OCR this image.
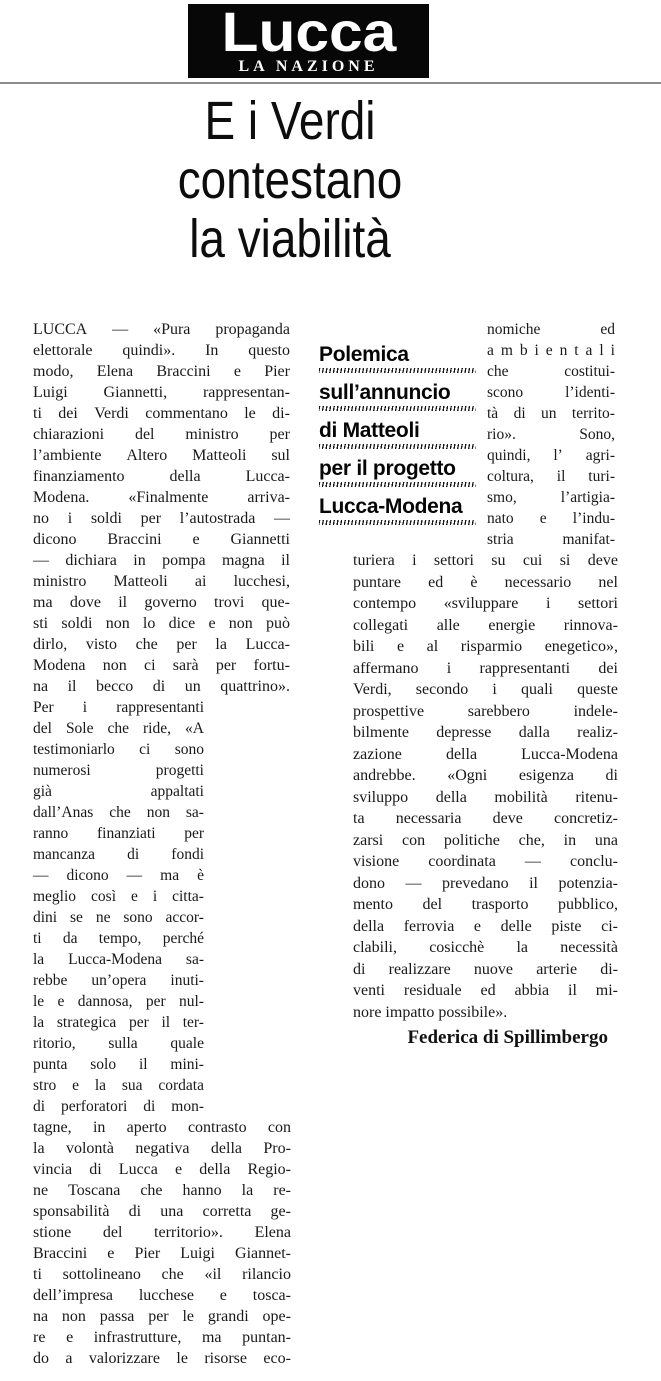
Lucca
LA NAZIONE
E i Verdi
contestano
la viabilità
LUCCA — «Pura propaganda
elettorale quindi». In questo
modo, Elena Braccini e Pier
Luigi Giannetti, rappresentan-
ti dei Verdi commentano le di-
chiarazioni del ministro per
l’ambiente Altero Matteoli sul
finanziamento	della	Lucca-
Modena. «Finalmente arriva-
no i soldi per l’autostrada —
dicono Braccini e Giannetti
— dichiara in pompa magna il
ministro Matteoli ai lucchesi,
ma dove il governo trovi que-
sti soldi non lo dice e non può
dirlo, visto che per la Lucca-
Modena non ci sarà per fortu-
na il becco di un quattrino».
Per i rappresentanti
del Sole che ride, «A
testimoniarlo ci sono
numerosi	progetti
già	appaltati
dall’Anas che non sa-
ranno finanziati per
mancanza di fondi
— dicono — ma è
meglio così e i citta-
dini se ne sono accor-
ti da tempo, perché
la Lucca-Modena sa-
rebbe un’opera inuti-
le e dannosa, per nul-
la strategica per il ter-
ritorio, sulla quale
punta solo il mini-
stro e la sua cordata
di perforatori di mon-
tagne, in aperto contrasto con
la volontà negativa della Pro-
vincia di Lucca e della Regio-
ne Toscana che hanno la re-
sponsabilità di una corretta ge-
stione del territorio». Elena
Braccini e Pier Luigi Giannet-
ti sottolineano che «il rilancio
dell’impresa lucchese e tosca-
na non passa per le grandi ope-
re e infrastrutture, ma puntan-
do a valorizzare le risorse eco-
nomiche	ed
a m b i e n t a l i
che	costitui-
scono	l’identi-
tà di un territo-
rio».	Sono,
quindi, l’ agri-
coltura, il turi-
smo,	l’artigia-
nato e l’indu-
stria	manifat-
turiera i settori su cui si deve
puntare ed è necessario nel
contempo «sviluppare i settori
collegati alle energie rinnova-
bili e al risparmio enegetico»,
affermano i rappresentanti dei
Verdi, secondo i quali queste
prospettive	sarebbero	indele-
bilmente depresse dalla realiz-
zazione	della	Lucca-Modena
andrebbe. «Ogni esigenza di
sviluppo della mobilità ritenu-
ta necessaria deve concretiz-
zarsi con politiche che, in una
visione coordinata — conclu-
dono — prevedano il potenzia-
mento del trasporto pubblico,
della ferrovia e delle piste ci-
clabili, cosicchè la necessità
di realizzare nuove arterie di-
venti residuale ed abbia il mi-
nore impatto possibile».
Federica di Spillimbergo
Polemica
sull’annuncio
di Matteoli
per il progetto
Lucca-Modena
